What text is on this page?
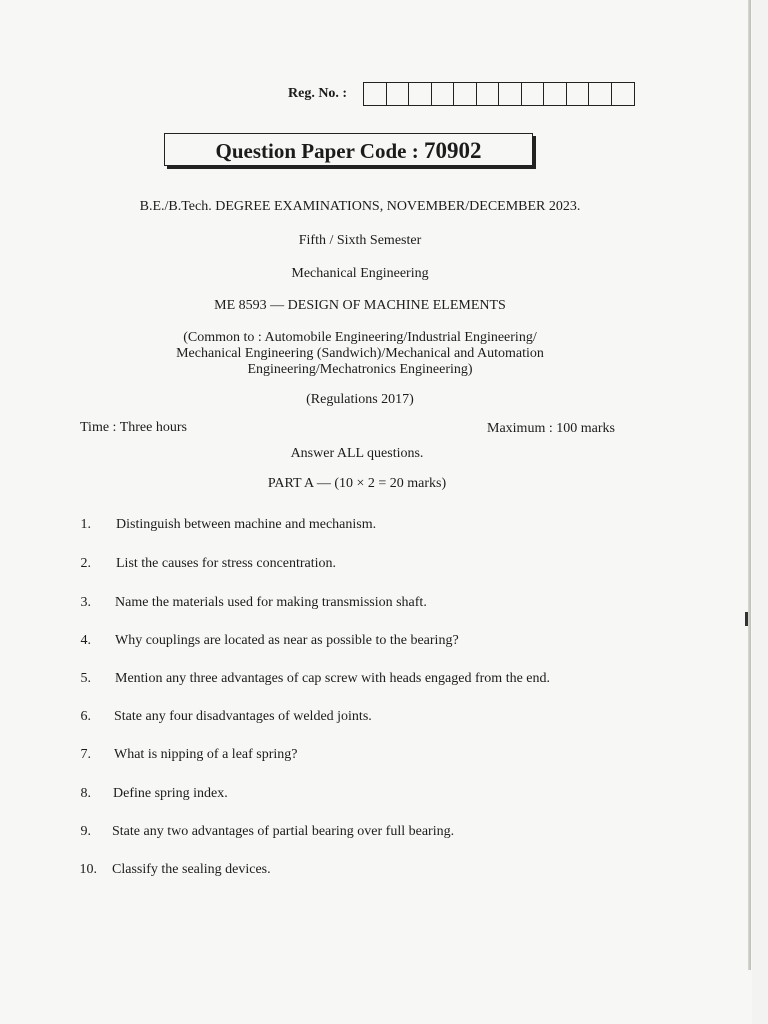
Reg. No. :
Question Paper Code : 70902
B.E./B.Tech. DEGREE EXAMINATIONS, NOVEMBER/DECEMBER 2023.
Fifth / Sixth Semester
Mechanical Engineering
ME 8593 — DESIGN OF MACHINE ELEMENTS
(Common to : Automobile Engineering/Industrial Engineering/
Mechanical Engineering (Sandwich)/Mechanical and Automation
Engineering/Mechatronics Engineering)
(Regulations 2017)
Time : Three hours	Maximum : 100 marks
Answer ALL questions.
PART A — (10 × 2 = 20 marks)
1. Distinguish between machine and mechanism.
2. List the causes for stress concentration.
3. Name the materials used for making transmission shaft.
4. Why couplings are located as near as possible to the bearing?
5. Mention any three advantages of cap screw with heads engaged from the end.
6. State any four disadvantages of welded joints.
7. What is nipping of a leaf spring?
8. Define spring index.
9. State any two advantages of partial bearing over full bearing.
10. Classify the sealing devices.
